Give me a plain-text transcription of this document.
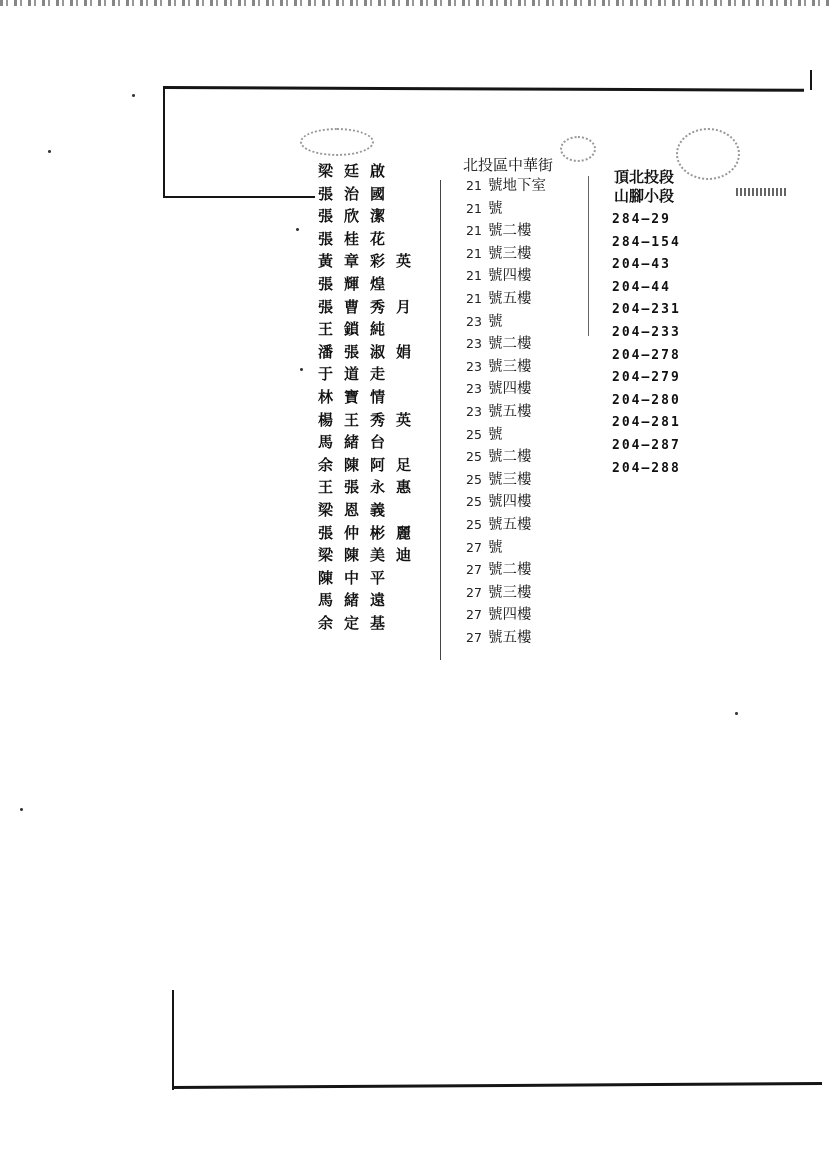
梁廷啟
張治國
張欣潔
張桂花
黃章彩英
張輝煌
張曹秀月
王鎖純
潘張淑娟
于道走
林寶情
楊王秀英
馬緒台
余陳阿足
王張永惠
梁恩義
張仲彬麗
梁陳美迪
陳中平
馬緒遠
余定基
北投區中華街
21 號地下室
21 號
21 號二樓
21 號三樓
21 號四樓
21 號五樓
23 號
23 號二樓
23 號三樓
23 號四樓
23 號五樓
25 號
25 號二樓
25 號三樓
25 號四樓
25 號五樓
27 號
27 號二樓
27 號三樓
27 號四樓
27 號五樓
頂北投段
山腳小段
284—29
284—154
204—43
204—44
204—231
204—233
204—278
204—279
204—280
204—281
204—287
204—288
